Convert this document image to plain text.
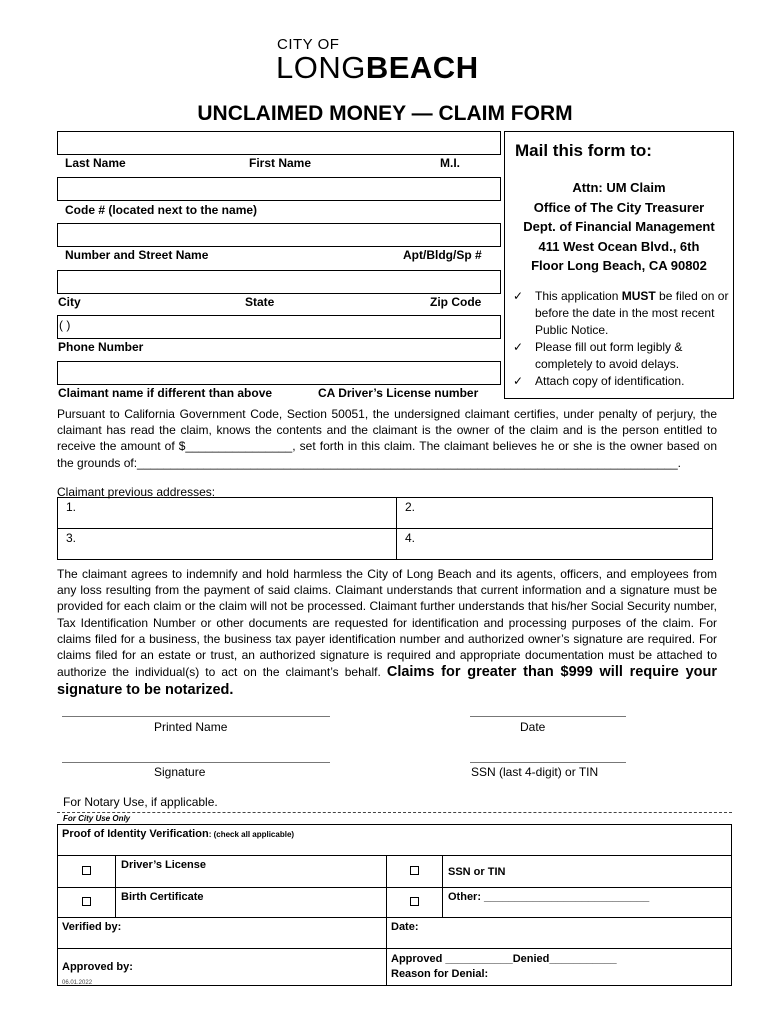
CITY OF
LONGBEACH
UNCLAIMED MONEY — CLAIM FORM
Last Name	First Name	M.I.
Code # (located next to the name)
Number and Street Name	Apt/Bldg/Sp #
City	State	Zip Code
( )
Phone Number
Claimant name if different than above	CA Driver’s License number
Mail this form to:
Attn: UM Claim
Office of The City Treasurer
Dept. of Financial Management
411 West Ocean Blvd., 6th
Floor Long Beach, CA 90802
✓ This application MUST be filed on or before the date in the most recent Public Notice.
✓ Please fill out form legibly & completely to avoid delays.
✓ Attach copy of identification.
Pursuant to California Government Code, Section 50051, the undersigned claimant certifies, under penalty of perjury, the claimant has read the claim, knows the contents and the claimant is the owner of the claim and is the person entitled to receive the amount of $________________, set forth in this claim. The claimant believes he or she is the owner based on the grounds of:_________________________________________________________________________________.
Claimant previous addresses:
1.	2.
3.	4.
The claimant agrees to indemnify and hold harmless the City of Long Beach and its agents, officers, and employees from any loss resulting from the payment of said claims. Claimant understands that current information and a signature must be provided for each claim or the claim will not be processed. Claimant further understands that his/her Social Security number, Tax Identification Number or other documents are requested for identification and processing purposes of the claim. For claims filed for a business, the business tax payer identification number and authorized owner’s signature are required. For claims filed for an estate or trust, an authorized signature is required and appropriate documentation must be attached to authorize the individual(s) to act on the claimant’s behalf. Claims for greater than $999 will require your signature to be notarized.
Printed Name	Date
Signature	SSN (last 4-digit) or TIN
For Notary Use, if applicable.
For City Use Only
Proof of Identity Verification: (check all applicable)			
	Driver’s License		SSN or TIN
	Birth Certificate		Other: ___________________________
Verified by:		Date:	
Approved by:		Approved ___________Denied___________
Reason for Denial:	
06.01.2022
